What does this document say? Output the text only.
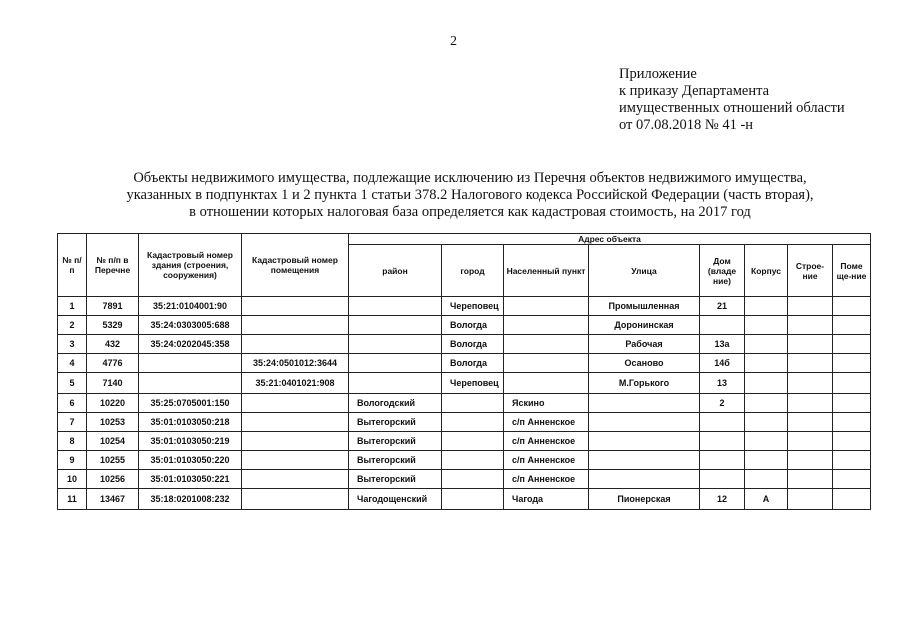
2
Приложение
к приказу Департамента
имущественных отношений области
от 07.08.2018 № 41 -н
Объекты недвижимого имущества, подлежащие исключению из Перечня объектов недвижимого имущества,
указанных в подпунктах 1 и 2 пункта 1 статьи 378.2 Налогового кодекса Российской Федерации (часть вторая),
в отношении которых налоговая база определяется как кадастровая стоимость, на 2017 год
№ п/п	№ п/п в Перечне	Кадастровый номер здания (строения, сооружения)	Кадастровый номер помещения	Адрес объекта							
				район	город	Населенный пункт	Улица	Дом (владе ние)	Корпус	Строе-ние	Поме ще-ние
1	7891	35:21:0104001:90			Череповец		Промышленная	21			
2	5329	35:24:0303005:688			Вологда		Доронинская				
3	432	35:24:0202045:358			Вологда		Рабочая	13а			
4	4776		35:24:0501012:3644		Вологда		Осаново	14б			
5	7140		35:21:0401021:908		Череповец		М.Горького	13			
6	10220	35:25:0705001:150		Вологодский		Яскино		2			
7	10253	35:01:0103050:218		Вытегорский		с/п Анненское					
8	10254	35:01:0103050:219		Вытегорский		с/п Анненское					
9	10255	35:01:0103050:220		Вытегорский		с/п Анненское					
10	10256	35:01:0103050:221		Вытегорский		с/п Анненское					
11	13467	35:18:0201008:232		Чагодощенский		Чагода	Пионерская	12	А		
